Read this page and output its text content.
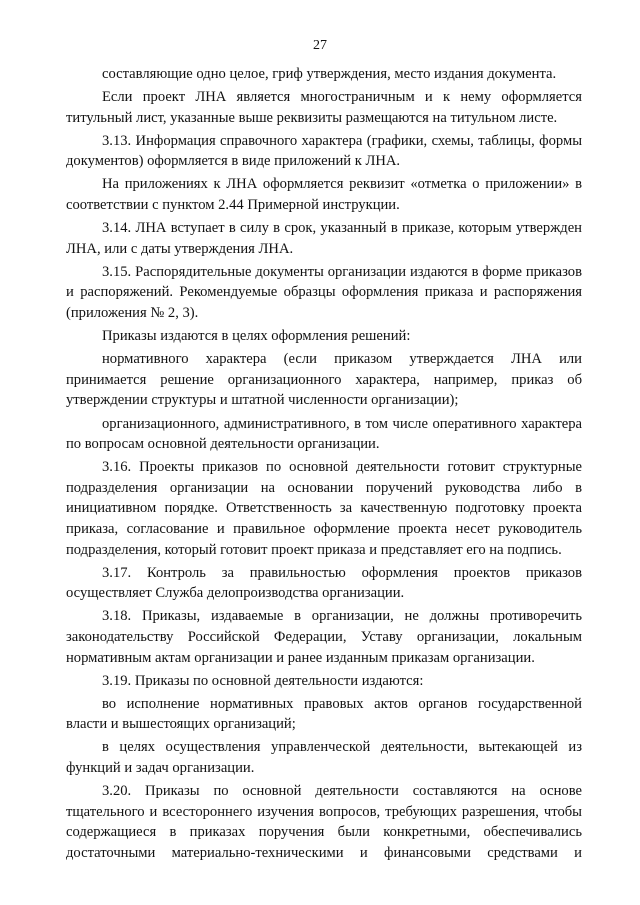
27

составляющие одно целое, гриф утверждения, место издания документа.

Если проект ЛНА является многостраничным и к нему оформляется титульный лист, указанные выше реквизиты размещаются на титульном листе.

3.13. Информация справочного характера (графики, схемы, таблицы, формы документов) оформляется в виде приложений к ЛНА.

На приложениях к ЛНА оформляется реквизит «отметка о приложении» в соответствии с пунктом 2.44 Примерной инструкции.

3.14. ЛНА вступает в силу в срок, указанный в приказе, которым утвержден ЛНА, или с даты утверждения ЛНА.

3.15. Распорядительные документы организации издаются в форме приказов и распоряжений. Рекомендуемые образцы оформления приказа и распоряжения (приложения № 2, 3).

Приказы издаются в целях оформления решений:

нормативного характера (если приказом утверждается ЛНА или принимается решение организационного характера, например, приказ об утверждении структуры и штатной численности организации);

организационного, административного, в том числе оперативного характера по вопросам основной деятельности организации.

3.16. Проекты приказов по основной деятельности готовит структурные подразделения организации на основании поручений руководства либо в инициативном порядке. Ответственность за качественную подготовку проекта приказа, согласование и правильное оформление проекта несет руководитель подразделения, который готовит проект приказа и представляет его на подпись.

3.17. Контроль за правильностью оформления проектов приказов осуществляет Служба делопроизводства организации.

3.18. Приказы, издаваемые в организации, не должны противоречить законодательству Российской Федерации, Уставу организации, локальным нормативным актам организации и ранее изданным приказам организации.

3.19. Приказы по основной деятельности издаются:

во исполнение нормативных правовых актов органов государственной власти и вышестоящих организаций;

в целях осуществления управленческой деятельности, вытекающей из функций и задач организации.

3.20. Приказы по основной деятельности составляются на основе тщательного и всестороннего изучения вопросов, требующих разрешения, чтобы содержащиеся в приказах поручения были конкретными, обеспечивались достаточными материально-техническими и финансовыми средствами и
